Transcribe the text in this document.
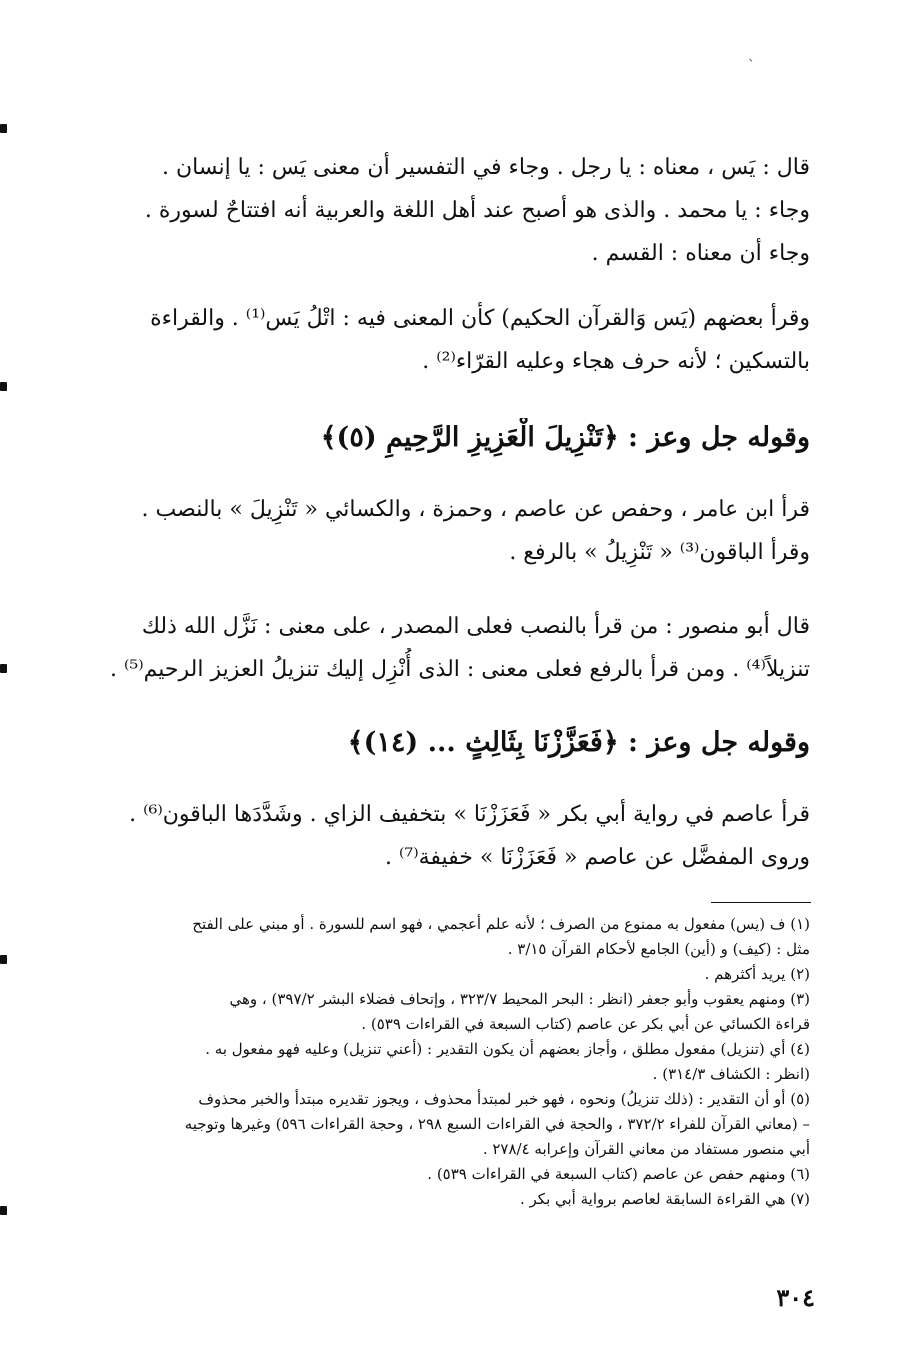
`
قال : يَس ، معناه : يا رجل . وجاء في التفسير أن معنى يَس : يا إنسان .
وجاء : يا محمد . والذى هو أصبح عند أهل اللغة والعربية أنه افتتاحٌ لسورة .
وجاء أن معناه : القسم .
وقرأ بعضهم (يَس وَالقرآن الحكيم) كأن المعنى فيه : اتْلُ يَس⁽¹⁾ . والقراءة
بالتسكين ؛ لأنه حرف هجاء وعليه القرّاء⁽²⁾ .
وقوله جل وعز : ﴿تَنْزِيلَ الْعَزِيزِ الرَّحِيمِ (٥)﴾
قرأ ابن عامر ، وحفص عن عاصم ، وحمزة ، والكسائي « تَنْزِيلَ » بالنصب .
وقرأ الباقون⁽³⁾ « تَنْزِيلُ » بالرفع .
قال أبو منصور : من قرأ بالنصب فعلى المصدر ، على معنى : نَزَّل الله ذلك
تنزيلاً⁽⁴⁾ . ومن قرأ بالرفع فعلى معنى : الذى أُنْزِل إليك تنزيلُ العزيز الرحيم⁽⁵⁾ .
وقوله جل وعز : ﴿فَعَزَّزْنَا بِثَالِثٍ ... (١٤)﴾
قرأ عاصم في رواية أبي بكر « فَعَزَزْنَا » بتخفيف الزاي . وشَدَّدَها الباقون⁽⁶⁾ .
وروى المفضَّل عن عاصم « فَعَزَزْنَا » خفيفة⁽⁷⁾ .
(١) ف (يس) مفعول به ممنوع من الصرف ؛ لأنه علم أعجمي ، فهو اسم للسورة . أو مبني على الفتح
مثل : (كيف) و (أين) الجامع لأحكام القرآن ٣/١٥ .
(٢) يريد أكثرهم .
(٣) ومنهم يعقوب وأبو جعفر (انظر : البحر المحيط ٣٢٣/٧ ، وإتحاف فضلاء البشر ٣٩٧/٢) ، وهي
قراءة الكسائي عن أبي بكر عن عاصم (كتاب السبعة في القراءات ٥٣٩) .
(٤) أي (تنزيل) مفعول مطلق ، وأجاز بعضهم أن يكون التقدير : (أعني تنزيل) وعليه فهو مفعول به .
(انظر : الكشاف ٣١٤/٣) .
(٥) أو أن التقدير : (ذلك تنزيلُ) ونحوه ، فهو خبر لمبتدأ محذوف ، ويجوز تقديره مبتدأ والخبر محذوف
– (معاني القرآن للفراء ٣٧٢/٢ ، والحجة في القراءات السبع ٢٩٨ ، وحجة القراءات ٥٩٦) وغيرها وتوجيه
أبي منصور مستفاد من معاني القرآن وإعرابه ٢٧٨/٤ .
(٦) ومنهم حفص عن عاصم (كتاب السبعة في القراءات ٥٣٩) .
(٧) هي القراءة السابقة لعاصم برواية أبي بكر .
٣٠٤
